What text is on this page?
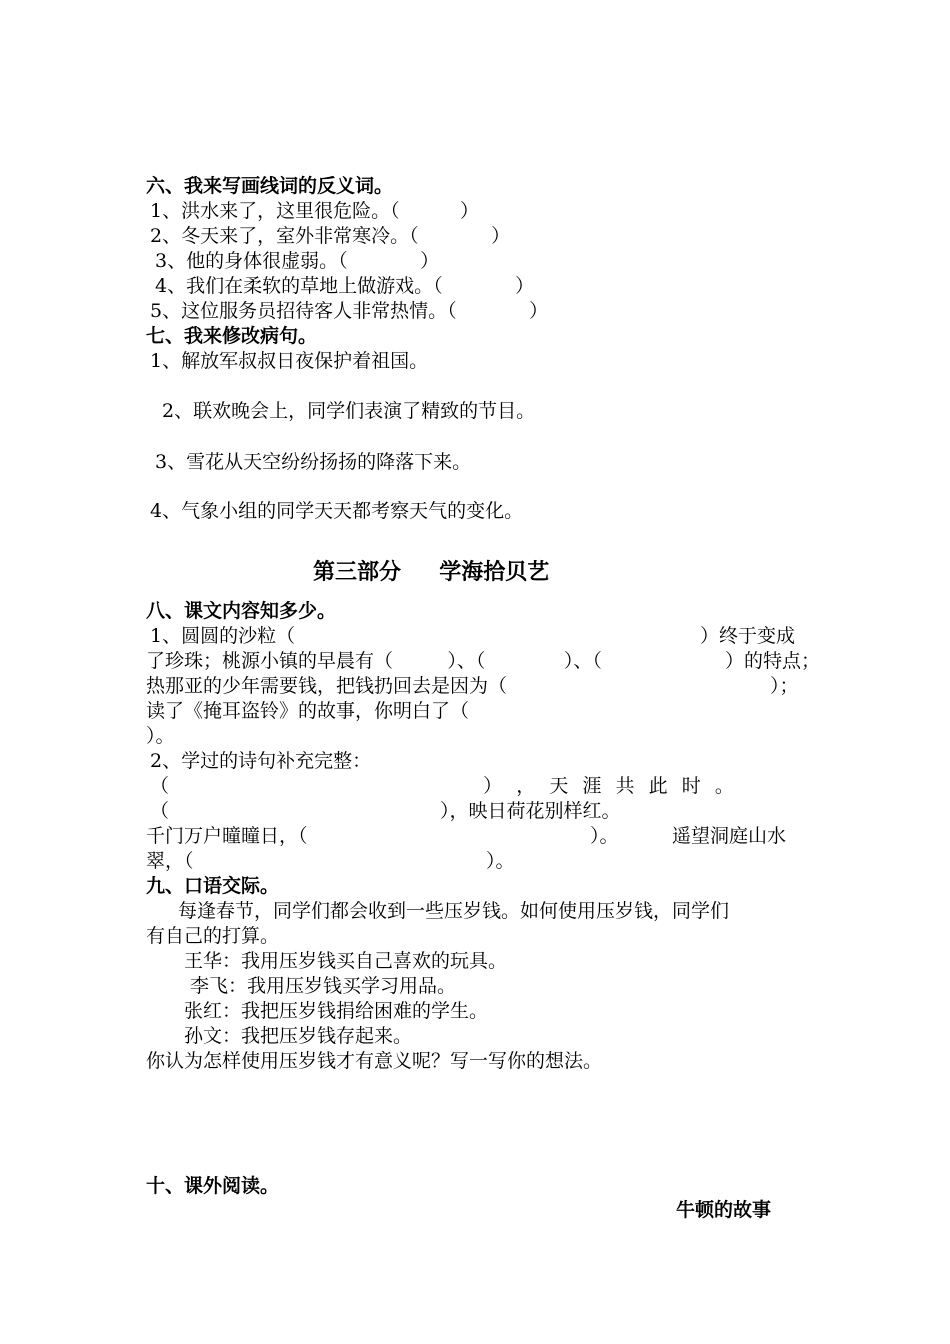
六、我来写画线词的反义词。
1、洪水来了，这里很危险。（          ）
2、冬天来了，室外非常寒冷。（            ）
3、他的身体很虚弱。（            ）
4、我们在柔软的草地上做游戏。（            ）
5、这位服务员招待客人非常热情。（            ）
七、我来修改病句。
1、解放军叔叔日夜保护着祖国。
2、联欢晚会上，同学们表演了精致的节目。
3、雪花从天空纷纷扬扬的降落下来。
4、气象小组的同学天天都考察天气的变化。
第三部分     学海拾贝艺
八、课文内容知多少。
1、圆圆的沙粒（	）终于变成
了珍珠；桃源小镇的早晨有（         ）、（             ）、（	）的特点；
热那亚的少年需要钱，把钱扔回去是因为（	）；
读了《掩耳盗铃》的故事，你明白了（
）。
2、学过的诗句补充完整：
（	） ， 天 涯 共 此 时 。
（	），映日荷花别样红。
千门万户曈曈日，（	）。	遥望洞庭山水
翠，（	）。
九、口语交际。
每逢春节，同学们都会收到一些压岁钱。如何使用压岁钱，同学们
有自己的打算。
王华：我用压岁钱买自己喜欢的玩具。
李飞：我用压岁钱买学习用品。
张红：我把压岁钱捐给困难的学生。
孙文：我把压岁钱存起来。
你认为怎样使用压岁钱才有意义呢？写一写你的想法。
十、课外阅读。
牛顿的故事
